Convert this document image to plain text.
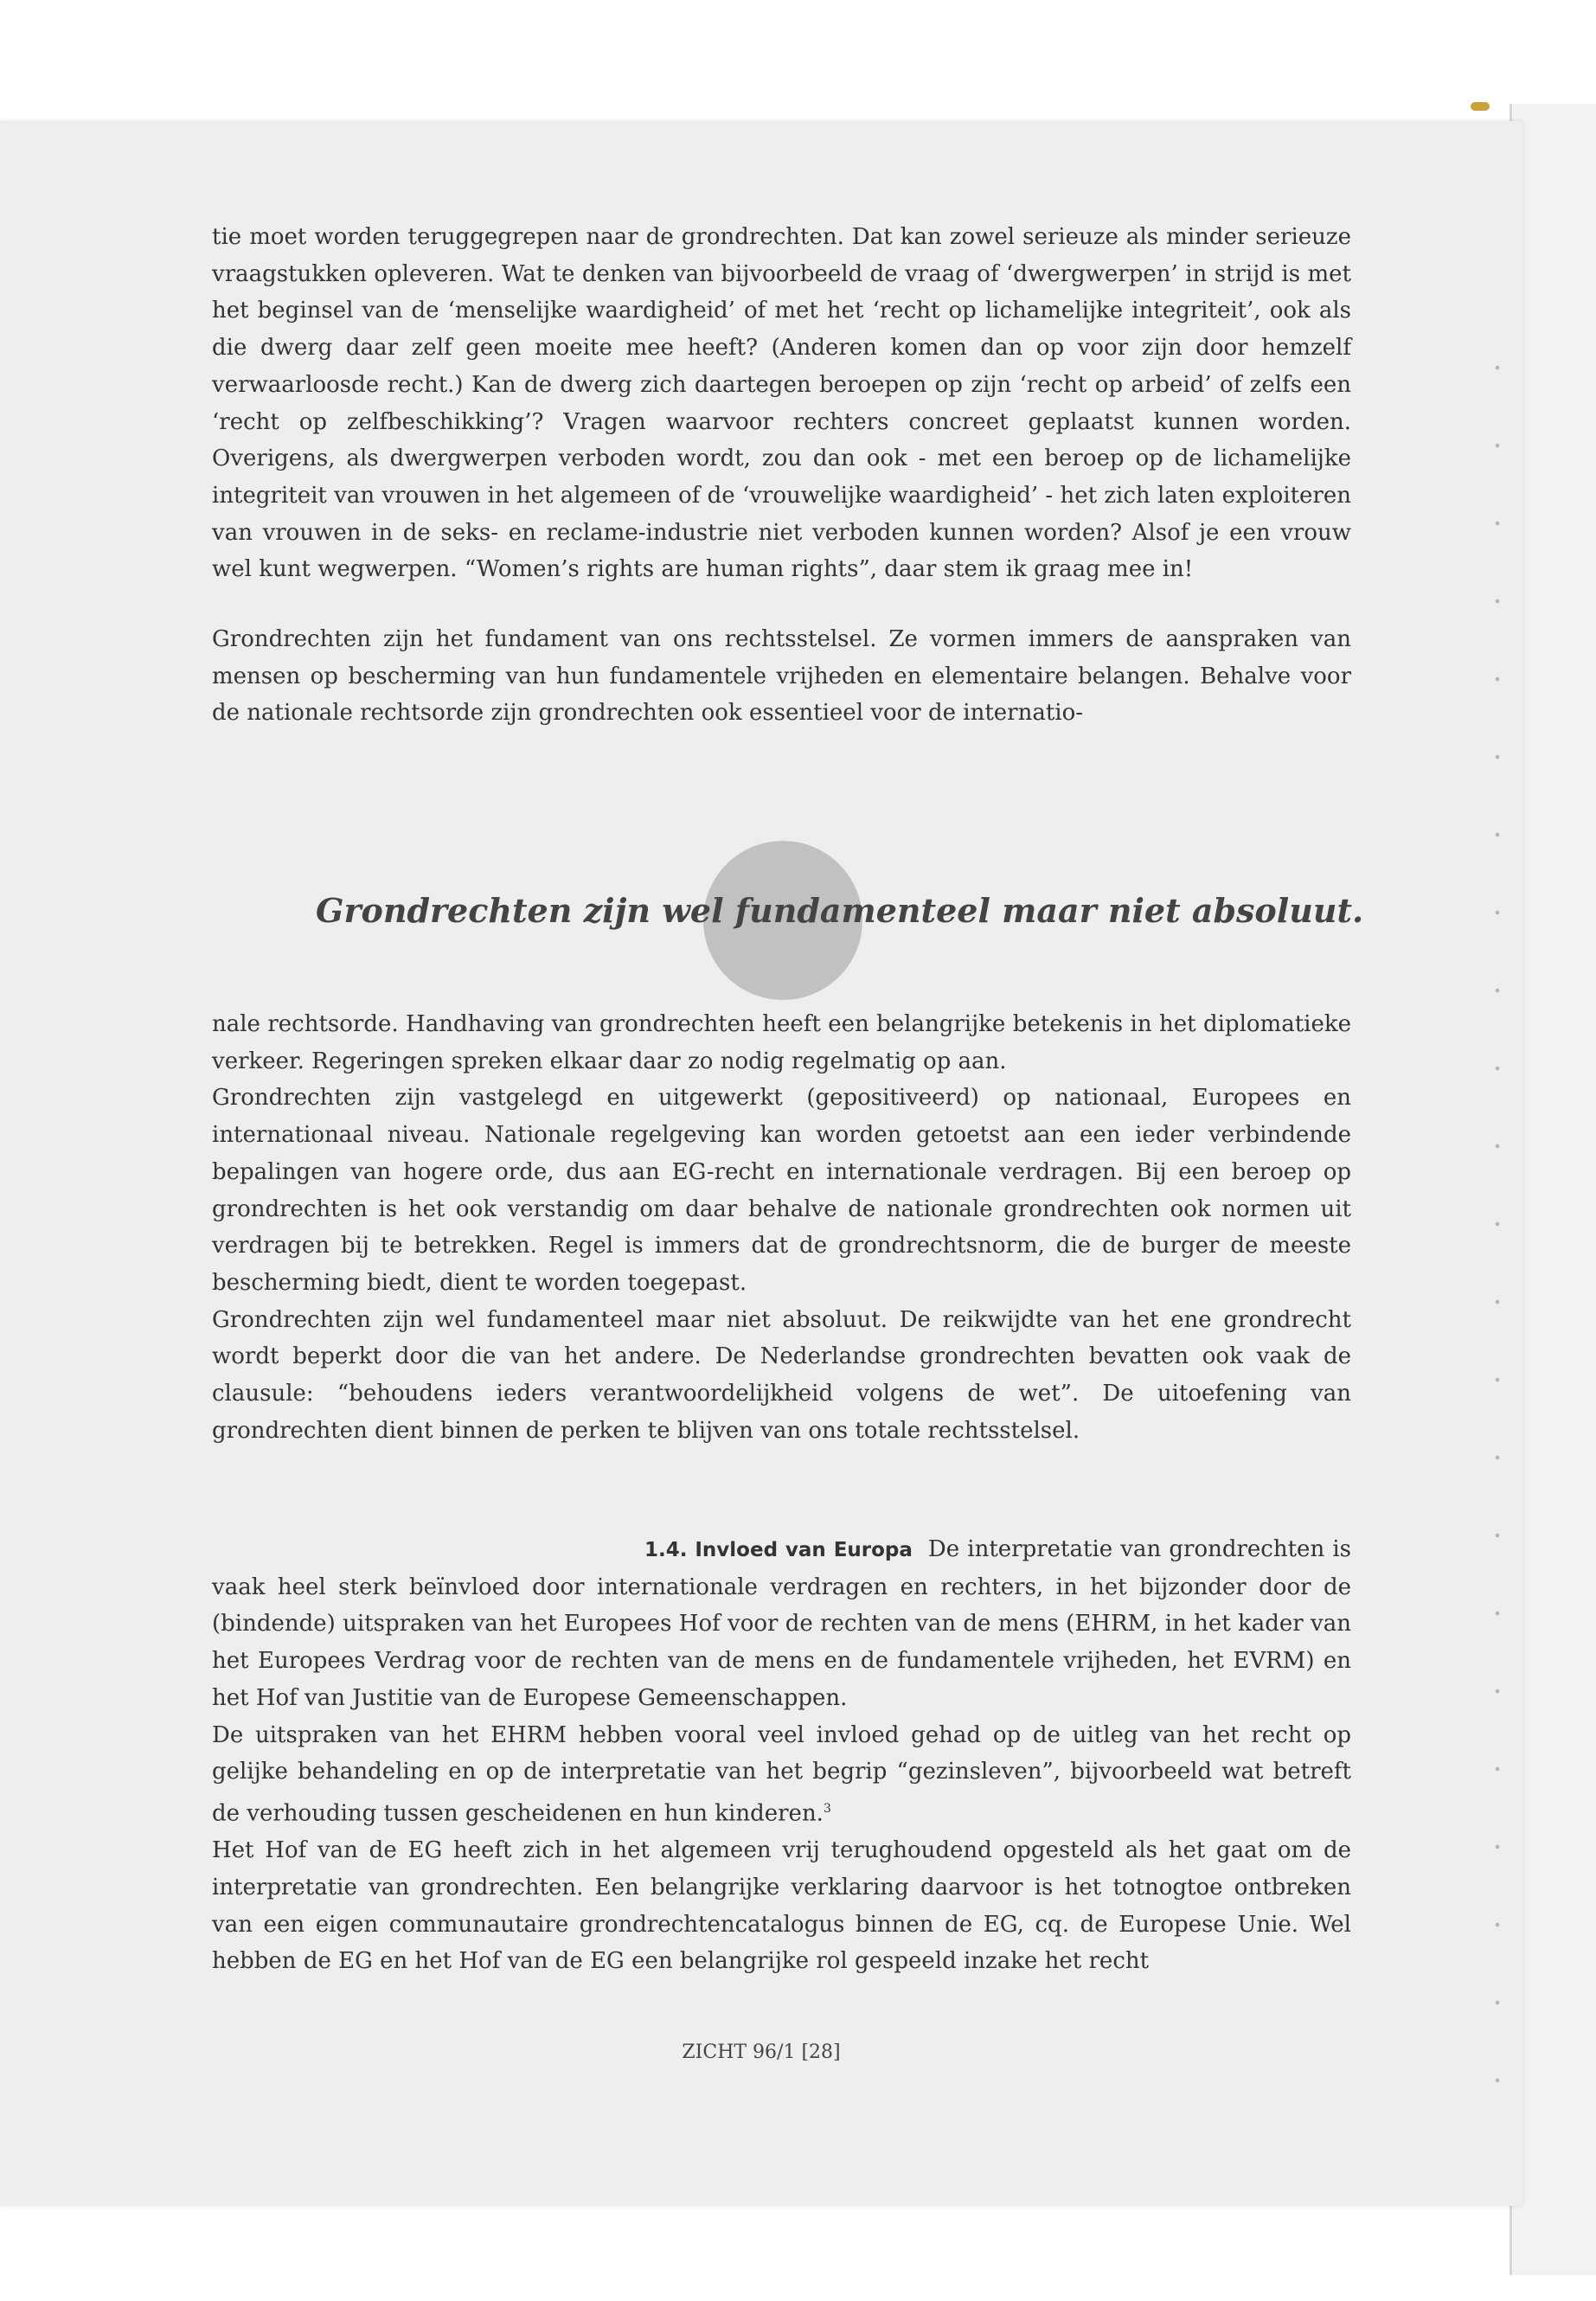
tie moet worden teruggegrepen naar de grondrechten. Dat kan zowel serieuze als minder serieuze vraagstukken opleveren. Wat te denken van bijvoorbeeld de vraag of ‘dwergwerpen’ in strijd is met het beginsel van de ‘menselijke waardigheid’ of met het ‘recht op lichamelijke integriteit’, ook als die dwerg daar zelf geen moeite mee heeft? (Anderen komen dan op voor zijn door hemzelf verwaarloosde recht.) Kan de dwerg zich daartegen beroepen op zijn ‘recht op arbeid’ of zelfs een ‘recht op zelfbeschikking’? Vragen waarvoor rechters concreet geplaatst kunnen worden. Overigens, als dwergwerpen verboden wordt, zou dan ook - met een beroep op de lichamelijke integriteit van vrouwen in het algemeen of de ‘vrouwelijke waardigheid’ - het zich laten exploiteren van vrouwen in de seks- en reclame-industrie niet verboden kunnen worden? Alsof je een vrouw wel kunt wegwerpen. “Women’s rights are human rights”, daar stem ik graag mee in!

Grondrechten zijn het fundament van ons rechtsstelsel. Ze vormen immers de aanspraken van mensen op bescherming van hun fundamentele vrijheden en elementaire belangen. Behalve voor de nationale rechtsorde zijn grondrechten ook essentieel voor de internatio-

Grondrechten zijn wel fundamenteel maar niet absoluut.

nale rechtsorde. Handhaving van grondrechten heeft een belangrijke betekenis in het diplomatieke verkeer. Regeringen spreken elkaar daar zo nodig regelmatig op aan.

Grondrechten zijn vastgelegd en uitgewerkt (gepositiveerd) op nationaal, Europees en internationaal niveau. Nationale regelgeving kan worden getoetst aan een ieder verbindende bepalingen van hogere orde, dus aan EG-recht en internationale verdragen. Bij een beroep op grondrechten is het ook verstandig om daar behalve de nationale grondrechten ook normen uit verdragen bij te betrekken. Regel is immers dat de grondrechtsnorm, die de burger de meeste bescherming biedt, dient te worden toegepast.

Grondrechten zijn wel fundamenteel maar niet absoluut. De reikwijdte van het ene grondrecht wordt beperkt door die van het andere. De Nederlandse grondrechten bevatten ook vaak de clausule: “behoudens ieders verantwoordelijkheid volgens de wet”. De uitoefening van grondrechten dient binnen de perken te blijven van ons totale rechtsstelsel.

1.4. Invloed van Europa De interpretatie van grondrechten is vaak heel sterk beïnvloed door internationale verdragen en rechters, in het bijzonder door de (bindende) uitspraken van het Europees Hof voor de rechten van de mens (EHRM, in het kader van het Europees Verdrag voor de rechten van de mens en de fundamentele vrijheden, het EVRM) en het Hof van Justitie van de Europese Gemeenschappen.

De uitspraken van het EHRM hebben vooral veel invloed gehad op de uitleg van het recht op gelijke behandeling en op de interpretatie van het begrip “gezinsleven”, bijvoorbeeld wat betreft de verhouding tussen gescheidenen en hun kinderen.$^3$

Het Hof van de EG heeft zich in het algemeen vrij terughoudend opgesteld als het gaat om de interpretatie van grondrechten. Een belangrijke verklaring daarvoor is het totnogtoe ontbreken van een eigen communautaire grondrechtencatalogus binnen de EG, cq. de Europese Unie. Wel hebben de EG en het Hof van de EG een belangrijke rol gespeeld inzake het recht

ZICHT 96/1 [28]
